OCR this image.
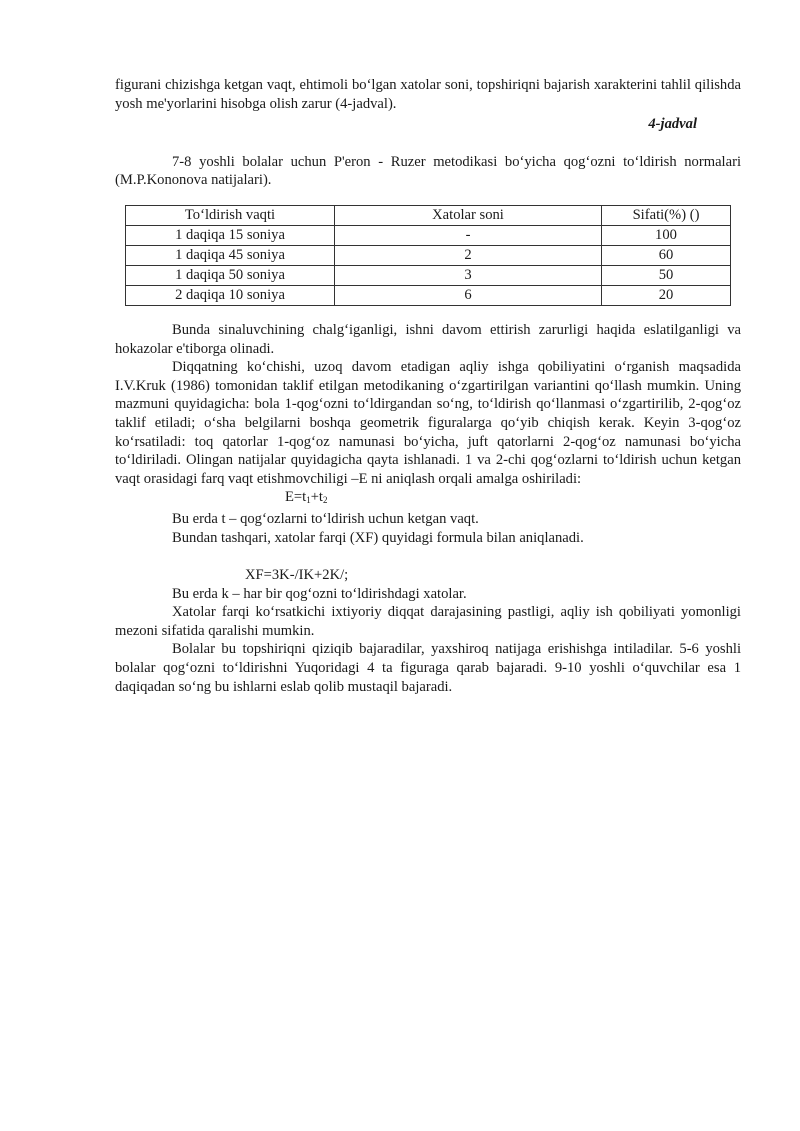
figurani chizishga ketgan vaqt, ehtimoli bo‘lgan xatolar soni, topshiriqni bajarish xarakterini tahlil qilishda yosh me'yorlarini hisobga olish zarur (4-jadval).

4-jadval

7-8 yoshli bolalar uchun P'eron - Ruzer metodikasi bo‘yicha qog‘ozni to‘ldirish normalari (M.P.Kononova natijalari).

To‘ldirish vaqti	Xatolar soni	Sifati(%) ()
1 daqiqa 15 soniya	-	100
1 daqiqa 45 soniya	2	60
1 daqiqa 50 soniya	3	50
2 daqiqa 10 soniya	6	20

Bunda sinaluvchining chalg‘iganligi, ishni davom ettirish zarurligi haqida eslatilganligi va hokazolar e'tiborga olinadi.

Diqqatning ko‘chishi, uzoq davom etadigan aqliy ishga qobiliyatini o‘rganish maqsadida I.V.Kruk (1986) tomonidan taklif etilgan metodikaning o‘zgartirilgan variantini qo‘llash mumkin. Uning mazmuni quyidagicha: bola 1-qog‘ozni to‘ldirgandan so‘ng, to‘ldirish qo‘llanmasi o‘zgartirilib, 2-qog‘oz taklif etiladi; o‘sha belgilarni boshqa geometrik figuralarga qo‘yib chiqish kerak. Keyin 3-qog‘oz ko‘rsatiladi: toq qatorlar 1-qog‘oz namunasi bo‘yicha, juft qatorlarni 2-qog‘oz namunasi bo‘yicha to‘ldiriladi. Olingan natijalar quyidagicha qayta ishlanadi. 1 va 2-chi qog‘ozlarni to‘ldirish uchun ketgan vaqt orasidagi farq vaqt etishmovchiligi –E ni aniqlash orqali amalga oshiriladi:

$E=t_1+t_2$

Bu erda t – qog‘ozlarni to‘ldirish uchun ketgan vaqt.

Bundan tashqari, xatolar farqi (XF) quyidagi formula bilan aniqlanadi.

XF=3K-/IK+2K/;

Bu erda k – har bir qog‘ozni to‘ldirishdagi xatolar.

Xatolar farqi ko‘rsatkichi ixtiyoriy diqqat darajasining pastligi, aqliy ish qobiliyati yomonligi mezoni sifatida qaralishi mumkin.

Bolalar bu topshiriqni qiziqib bajaradilar, yaxshiroq natijaga erishishga intiladilar. 5-6 yoshli bolalar qog‘ozni to‘ldirishni Yuqoridagi 4 ta figuraga qarab bajaradi. 9-10 yoshli o‘quvchilar esa 1 daqiqadan so‘ng bu ishlarni eslab qolib mustaqil bajaradi.
